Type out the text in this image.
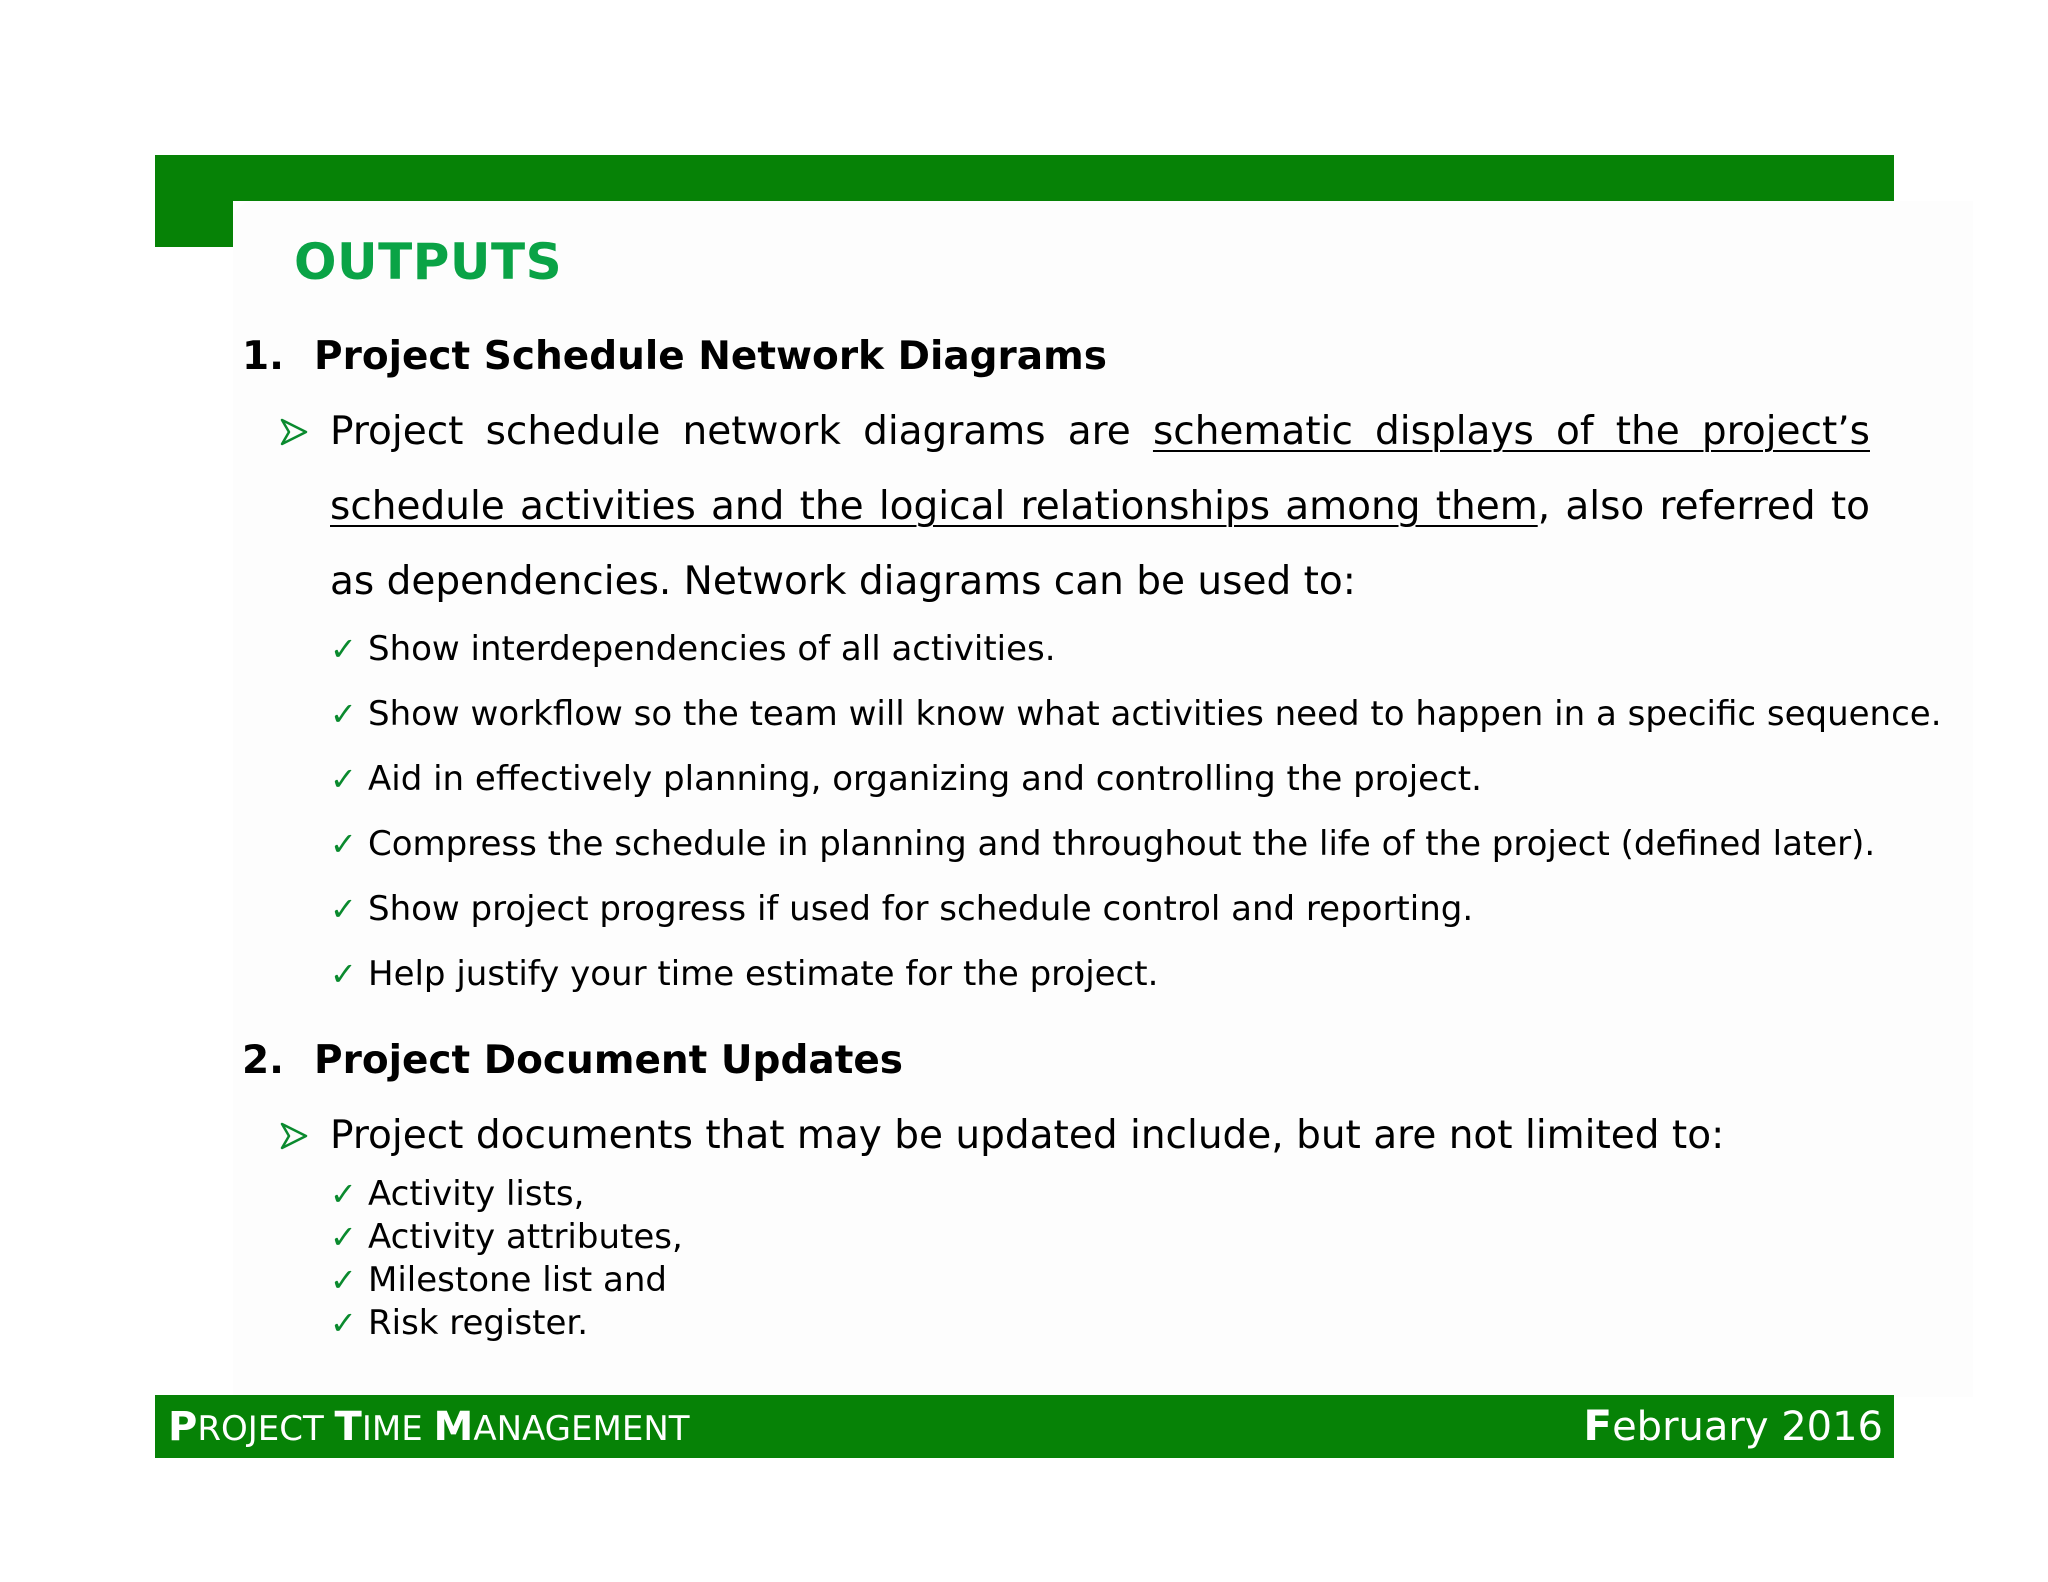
OUTPUTS
1. Project Schedule Network Diagrams
Project schedule network diagrams are schematic displays of the project’s schedule activities and the logical relationships among them, also referred to as dependencies. Network diagrams can be used to:
✓ Show interdependencies of all activities.
✓ Show workflow so the team will know what activities need to happen in a specific sequence.
✓ Aid in effectively planning, organizing and controlling the project.
✓ Compress the schedule in planning and throughout the life of the project (defined later).
✓ Show project progress if used for schedule control and reporting.
✓ Help justify your time estimate for the project.
2. Project Document Updates
Project documents that may be updated include, but are not limited to:
✓ Activity lists,
✓ Activity attributes,
✓ Milestone list and
✓ Risk register.
PROJECT TIME MANAGEMENT	February 2016
